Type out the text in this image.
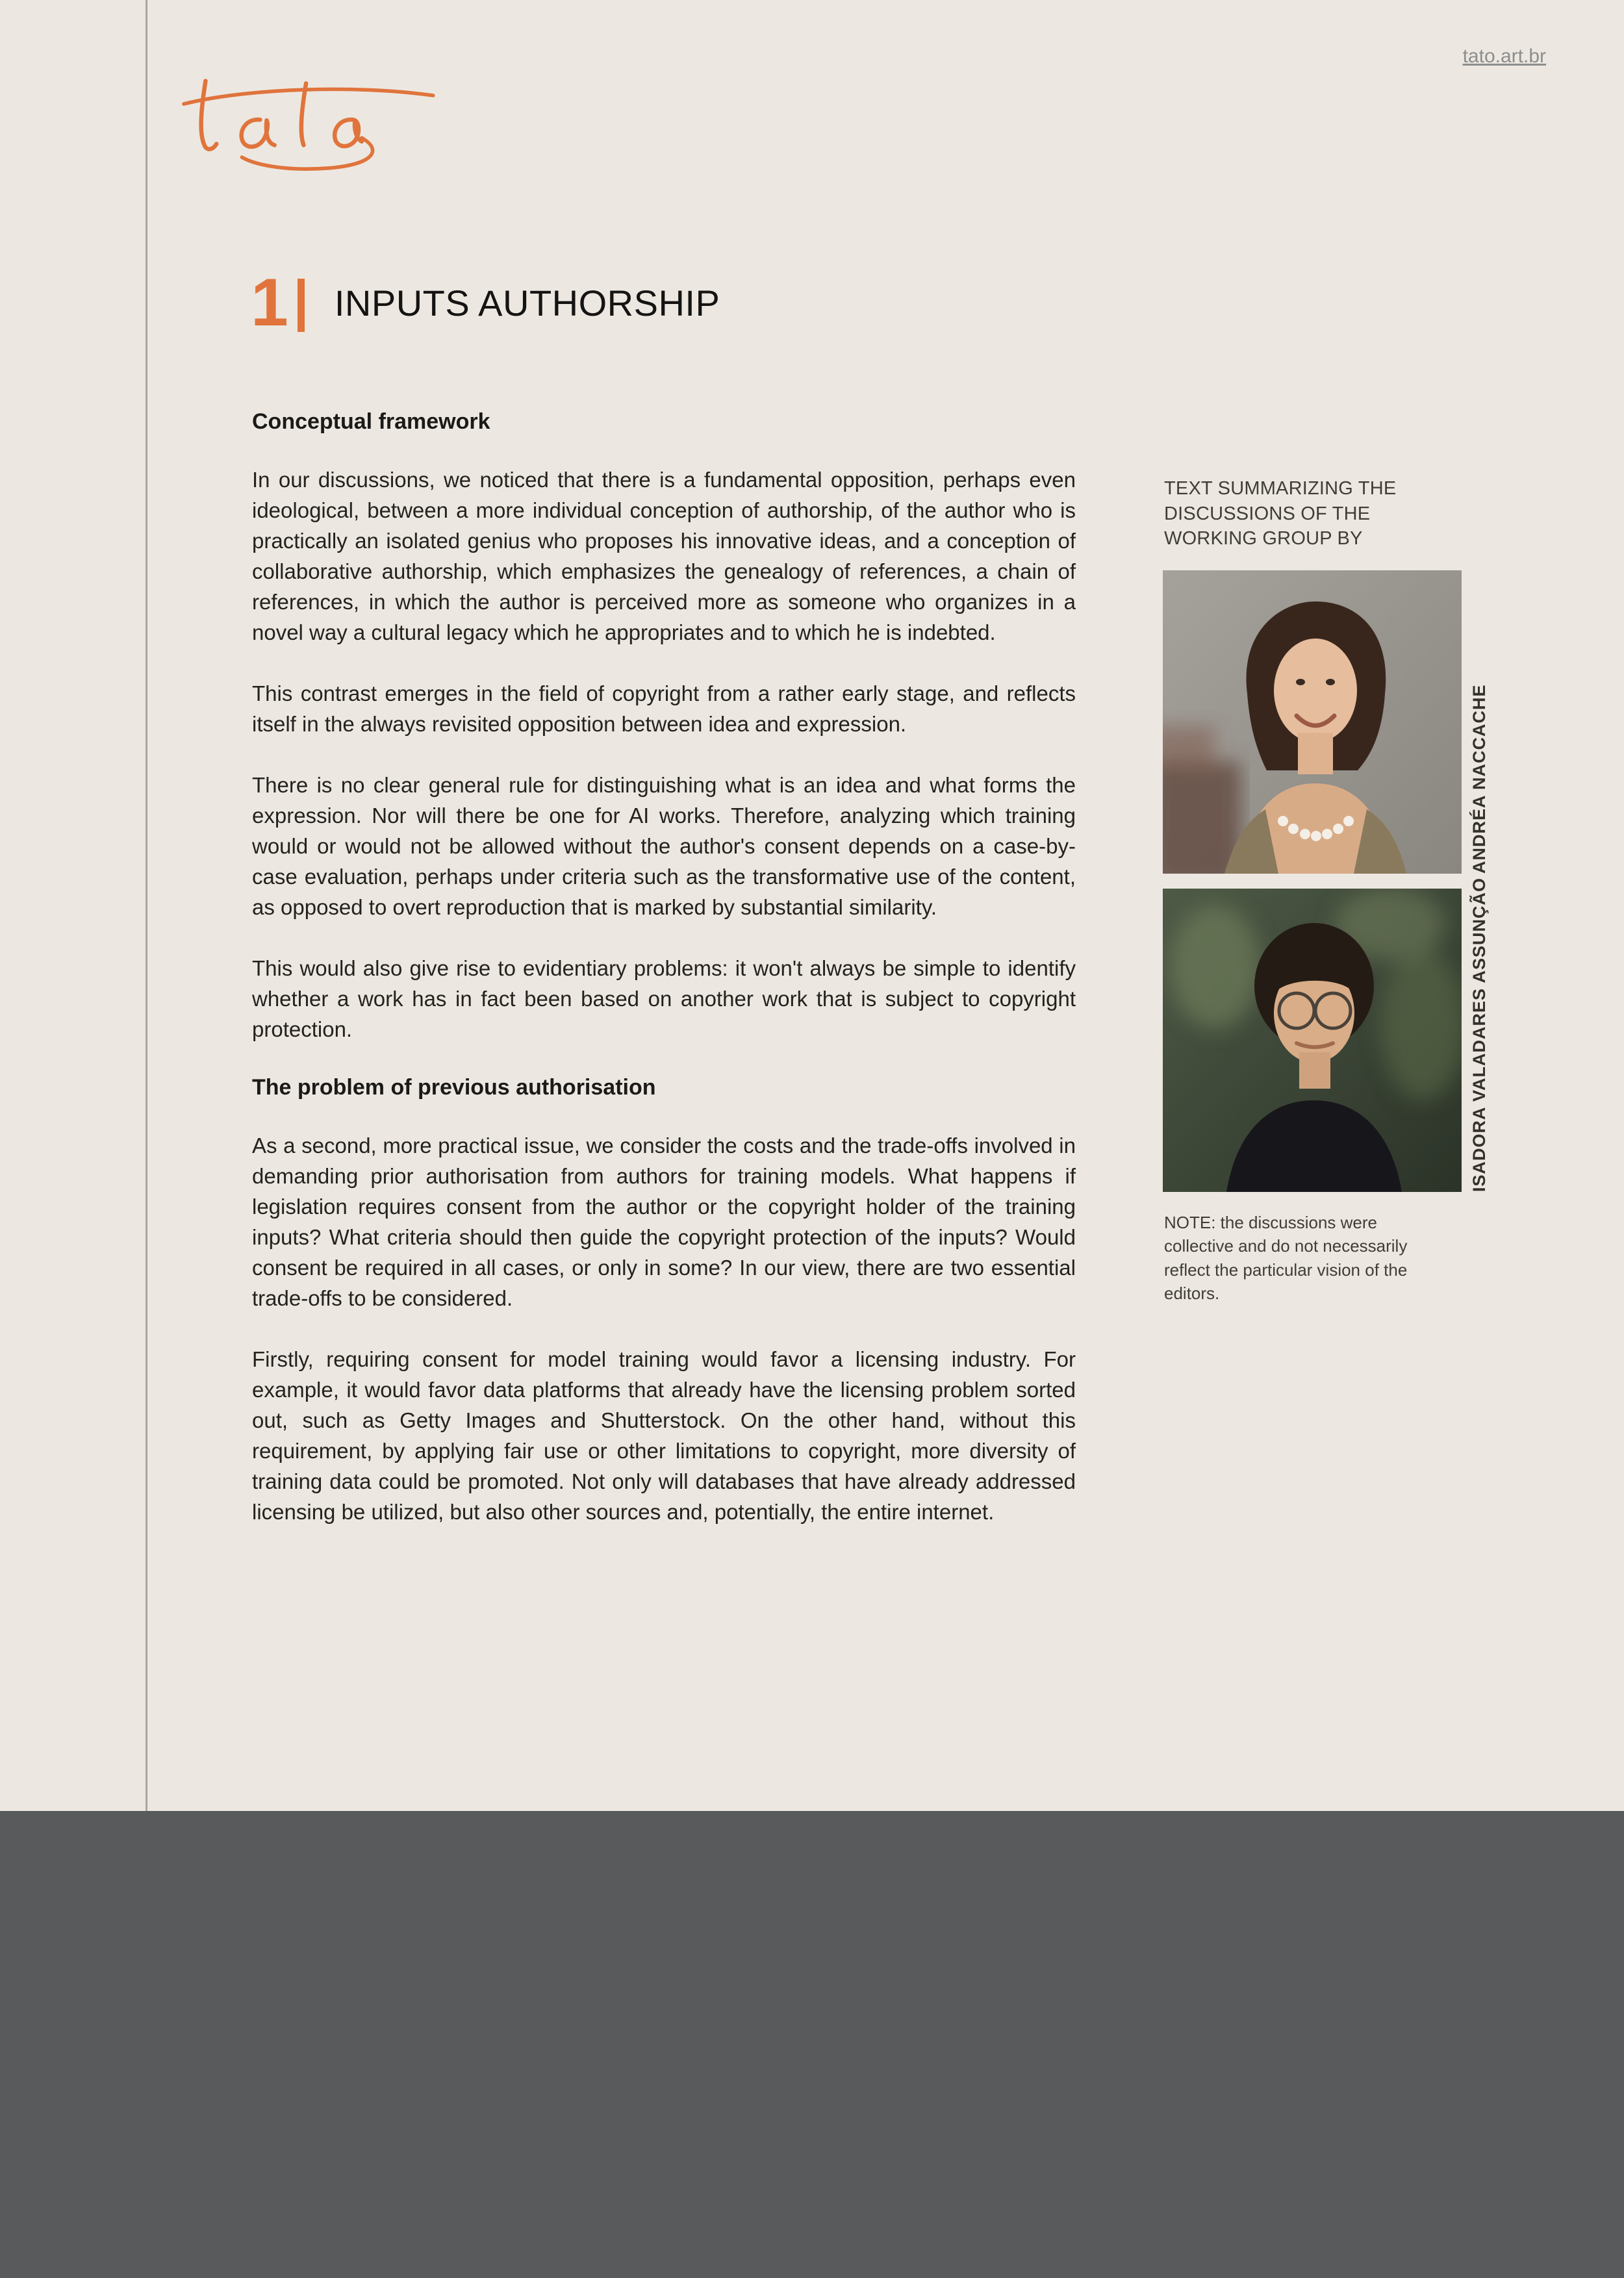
tato.art.br
1 INPUTS AUTHORSHIP
Conceptual framework

In our discussions, we noticed that there is a fundamental opposition, perhaps even ideological, between a more individual conception of authorship, of the author who is practically an isolated genius who proposes his innovative ideas, and a conception of collaborative authorship, which emphasizes the genealogy of references, a chain of references, in which the author is perceived more as someone who organizes in a novel way a cultural legacy which he appropriates and to which he is indebted.

This contrast emerges in the field of copyright from a rather early stage, and reflects itself in the always revisited opposition between idea and expression.

There is no clear general rule for distinguishing what is an idea and what forms the expression. Nor will there be one for AI works. Therefore, analyzing which training would or would not be allowed without the author's consent depends on a case-by-case evaluation, perhaps under criteria such as the transformative use of the content, as opposed to overt reproduction that is marked by substantial similarity.

This would also give rise to evidentiary problems: it won't always be simple to identify whether a work has in fact been based on another work that is subject to copyright protection.

The problem of previous authorisation

As a second, more practical issue, we consider the costs and the trade-offs involved in demanding prior authorisation from authors for training models. What happens if legislation requires consent from the author or the copyright holder of the training inputs? What criteria should then guide the copyright protection of the inputs? Would consent be required in all cases, or only in some? In our view, there are two essential trade-offs to be considered.

Firstly, requiring consent for model training would favor a licensing industry. For example, it would favor data platforms that already have the licensing problem sorted out, such as Getty Images and Shutterstock. On the other hand, without this requirement, by applying fair use or other limitations to copyright, more diversity of training data could be promoted. Not only will databases that have already addressed licensing be utilized, but also other sources and, potentially, the entire internet.

TEXT SUMMARIZING THE DISCUSSIONS OF THE WORKING GROUP BY
ANDRÉA NACCACHE
ISADORA VALADARES ASSUNÇÃO
NOTE: the discussions were collective and do not necessarily reflect the particular vision of the editors.
